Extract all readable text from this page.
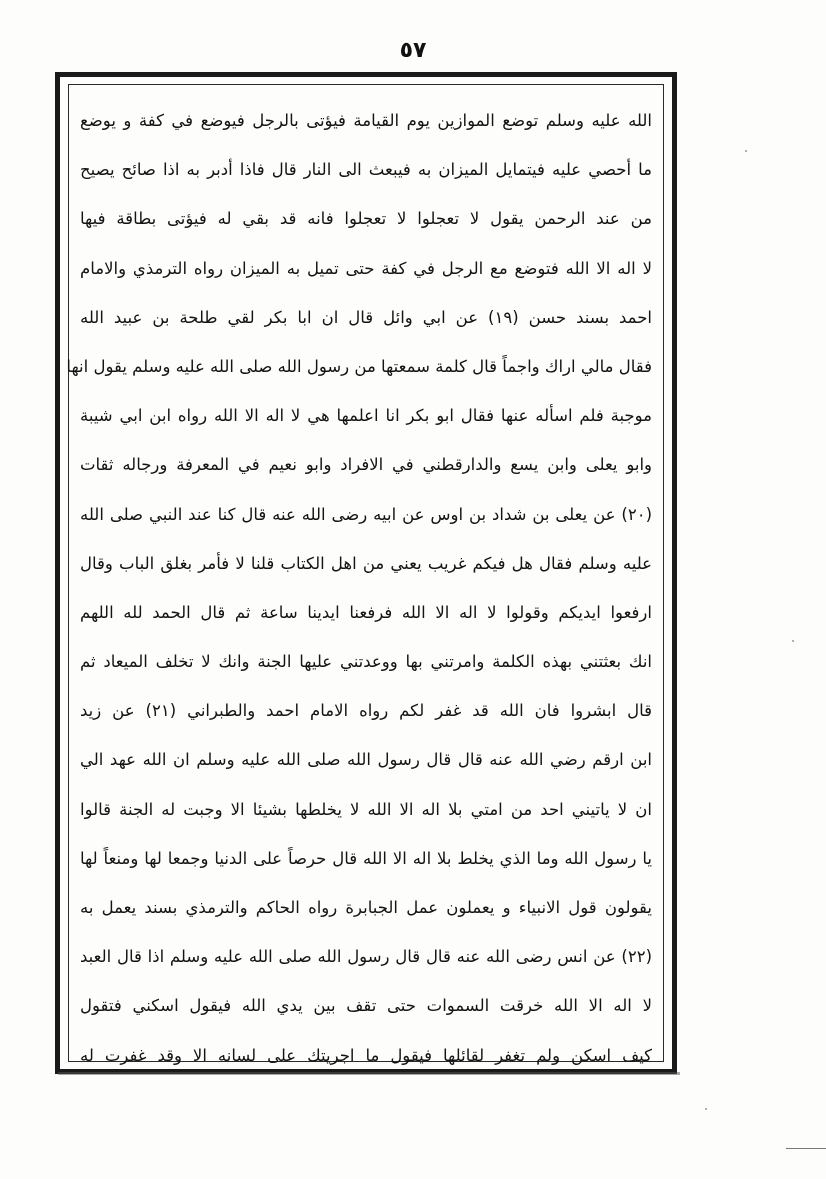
٥٧
الله عليه وسلم توضع الموازين يوم القيامة فيؤتى بالرجل فيوضع في كفة و يوضع
ما أحصي عليه فيتمايل الميزان به فيبعث الى النار قال فاذا أدبر به اذا صائح يصيح
من عند الرحمن يقول لا تعجلوا لا تعجلوا فانه قد بقي له فيؤتى بطاقة فيها
لا اله الا الله فتوضع مع الرجل في كفة حتى تميل به الميزان رواه الترمذي والامام
احمد بسند حسن (١٩) عن ابي وائل قال ان ابا بكر لقي طلحة بن عبيد الله
فقال مالي اراك واجماً قال كلمة سمعتها من رسول الله صلى الله عليه وسلم يقول انها
موجبة فلم اسأله عنها فقال ابو بكر انا اعلمها هي لا اله الا الله رواه ابن ابي شيبة
وابو يعلى وابن يسع والدارقطني في الافراد وابو نعيم في المعرفة ورجاله ثقات
(٢٠) عن يعلى بن شداد بن اوس عن ابيه رضى الله عنه قال كنا عند النبي صلى الله
عليه وسلم فقال هل فيكم غريب يعني من اهل الكتاب قلنا لا فأمر بغلق الباب وقال
ارفعوا ايديكم وقولوا لا اله الا الله فرفعنا ايدينا ساعة ثم قال الحمد لله اللهم
انك بعثتني بهذه الكلمة وامرتني بها ووعدتني عليها الجنة وانك لا تخلف الميعاد ثم
قال ابشروا فان الله قد غفر لكم رواه الامام احمد والطبراني (٢١) عن زيد
ابن ارقم رضي الله عنه قال قال رسول الله صلى الله عليه وسلم ان الله عهد الي
ان لا ياتيني احد من امتي بلا اله الا الله لا يخلطها بشيئا الا وجبت له الجنة قالوا
يا رسول الله وما الذي يخلط بلا اله الا الله قال حرصاً على الدنيا وجمعا لها ومنعاً لها
يقولون قول الانبياء و يعملون عمل الجبابرة رواه الحاكم والترمذي بسند يعمل به
(٢٢) عن انس رضى الله عنه قال قال رسول الله صلى الله عليه وسلم اذا قال العبد
لا اله الا الله خرقت السموات حتى تقف بين يدي الله فيقول اسكني فتقول
كيف اسكن ولم تغفر لقائلها فيقول ما اجريتك على لسانه الا وقد غفرت له
